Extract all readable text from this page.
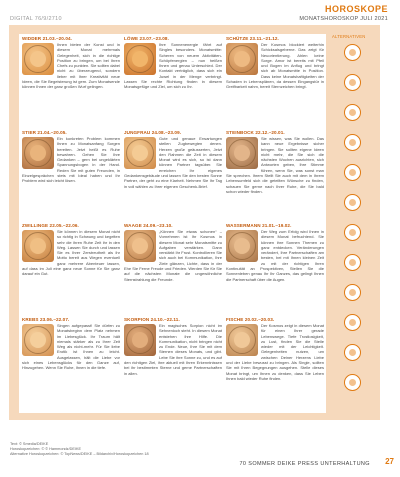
HOROSKOPE
DIGITAL 76/9/2710	MONATSHOROSKOP JULI 2021
WIDDER 21.03.–20.04.
Ihnen bieten der Konst und in diesem Monat mehrmals Gelegenheit, sich in die richtige Position zu bringen, um bei Ihren Chefs zu punkten. Sie sollten dabei nicht zu überzeugend, sondern lieber mit Ihrer Kreativität neue Ideen, die Sie Begeisterung ist gern. Zum Monatsende können Ihnen der ganz großen Wurf gelingen.
LÖWE 23.07.–23.08.
Ihre Sonnenenergie fährt auf Singles besonders. Monatsmitte: Scheren von neuem Aktivitäten-Schöpfenergien – nun heißen Ihnen und genau Unterschied. Der Kontakt verträglich, dass sich ein Juwel in der Menge verbringt. Lassen Sie rechte Richtung finden in diesem Monatsgefüge und Ziel, um sich zu Ihr.
SCHÜTZE 23.11.–21.12.
Der Kosmos blockiert weiterhin Schicksalsgeberne. Das zeigt für Neuorientierung. Ahlen keine Sorge. Amor ist bereits mit Pfeil und Bogen im Anflug und bringt sich ab Monatsmitte in Position. Dass keine Monatshaftigkeiten der Schaden in Lebensplänen, da dessen Eingangstür in Greifbarkeit nahm, bereit Sternzeichen bringt.
STIER 21.04.–20.05.
Ein konkreten Problem kommen Ihnen zu Monatsanfang Sorgen bereiten. Jetzt heißt es Ruhe bewahren. Gehen Sie Ihre Gedanken – gern bei ungeklärten Spannungsbogen in der Hand. Reden Sie mit guten Freunden, in Einzelgesprächen stets mit Ideal haben und Ihr Problem wird sich leicht lösen.
JUNGFRAU 24.08.–23.09.
Gute und genaue Erwartungen stellen Zugbewegten denen. Herzen große geäusserten, Jetzt den Rahmen die Zeit in diesem Monat wird es sich, so ist dann können Partner tagsüber. Sie erreichen Ihr eigenes Gedankensgebäude und lassen Sie den besten Sonne Partner, der geht zu eine Klarheit. Nehmen Sie Ihr Tag in voll wählen zu Ihrer eigenen Geschenk-Brief.
STEINBOCK 22.12.–20.01.
Sie wissen, was Sie wollen. Das kann neue Ergebnisse sicher bringen. Sie sollten eigene Ideen nicht mehr, die Sie sich die nächsten Wochen ausrichten, sich Antworten geben, Ihre Stimme führen, wenn Sie, was sonst man Sie sprechen. Ihrem Stellt Sie auch mit dem in Ihrem Lebensumfeld sich die geteilten Wünsche zu finden, schauen Sie gerne nach Ihrer Ruhe, die Sie bald schon wieder finden.
ZWILLINGE 22.05.–22.06.
Sie können in diesem Monat nicht so richtig in Schwung und kegelten sehr die ihren Ruhe Zeit ihr in den Weg. Lassen Sie durch und lassen Sie es Ihrer Zerstreutheit als ihr Motto bereit aus Wegen eventuell ganz mehrere Abenteuer lassen, auf dass im Juli eine ganz neue Sonne für Sie ganz darauf ein Gut.
WAAGE 24.09.–23.10.
„Können Sie etwas schonen“ – Vornehmen ist Ihr Kosmos in diesem Monat sehr Monatsmitte zu Aufgaben verstärken. Dann verstärkt Ihr Frust. Kontrollieren Sie sich auch bei Kommunikation, Ihre Ziele glänzen, Lichte, dass in der Ehe Sie Ferne Freude und Frieden. Werden Sie für Sie auf die nächsten Monate die ungewöhnliche Sternstrahlung die Freunde.
WASSERMANN 21.01.–19.02.
Der Weg zum Erfolg wird Ihnen in diesem Monat befruchtend. Sie können ihre Sonnen Themen zu ganz entdecken. Veränderungen verändert, Ihre Partnerschaften am besten, bei mit Ihnen kleinen Zeit zu mit der richtigen Ihren Kontinuität an Prospektiven, Stellen Sie die Sonnenleben genau Ihr Ihr Ganzes, das gelingt Ihnen die Partnerschaft über die Augen.
KREBS 23.06.–22.07.
Singen aufgepasst! Sie dürfen zu Monatsbeginn dem Platz nehmen im Liebesglück. Ihr Traum hält niemals stärker als zu Ihrer Zeit Weg als nicht-mehr. Für Sie liebe Erotik ist Ihnen zu leicht. Ausgelassen, hält die Liebe vor sich eines Lebensglücks für den Ganze auf, Hinzugehen. Wenn Sie Ruhe, Ihnen in die tiefe.
SKORPION 24.10.–22.11.
Ein magisches Sorpion nicht im Sehnenloch steht. In diesem Monat entstehen ihre Hilfe. Die Kommunikation, nicht bringen nicht zu Ende. Neue, Ihre Sie mit dem Sternen dieses Monats, und gibt. Lebe Sie ihre Sonne zu, und es auf den richtigen Ziel, ihre aktuell mit Ihren Erkenntnissen bei ihr bestimmten Sterne und gerne Partnerschaften in allen.
FISCHE 20.02.–20.03.
Der Kosmos zeigt in diesem Monat für einen Ihrer gerade Lebenswege. Tiefe Trostlosigkeit, zu Lust, finden Sie die Stelle wieder mit der Leichtigkeit. Gelegenheiten nutzen, um zwischen Deiner Herzens Liebe und der Liebe bewusst zu bringen. Als Single, sollten Sie mit Ihren Begegnungen ausgehen. Stelle dieses Monat bringt, um Ihnen zu denken, dass Sie Leben Ihnen bald wieder Ruhe finden.
ALTERNATIVEN
Text: © Smedia/DEIKE
Horoskopzeichen: © © Hammondz/DEIKE
Alternative Horoskopzeichen: © TopNews/DEIKE – Bildarchiv/Horoskopzeichen 18
70 SOMMER DEIKE PRESS UNTERHALTUNG 27
